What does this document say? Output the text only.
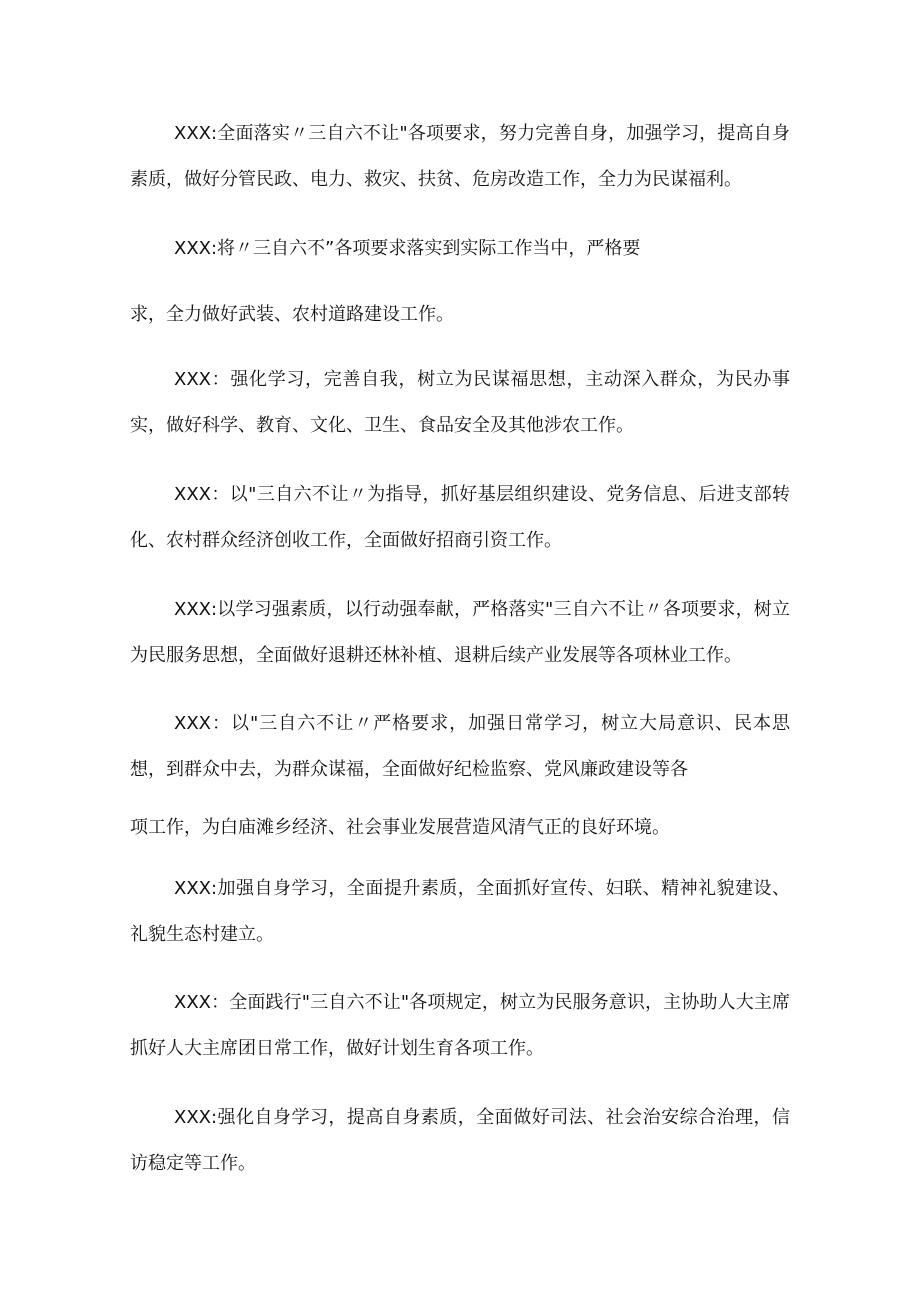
XXX:全面落实〃三自六不让"各项要求，努力完善自身，加强学习，提高自身素质，做好分管民政、电力、救灾、扶贫、危房改造工作，全力为民谋福利。

XXX:将〃三自六不”各项要求落实到实际工作当中，严格要

求，全力做好武装、农村道路建设工作。

XXX：强化学习，完善自我，树立为民谋福思想，主动深入群众，为民办事实，做好科学、教育、文化、卫生、食品安全及其他涉农工作。

XXX：以"三自六不让〃为指导，抓好基层组织建设、党务信息、后进支部转化、农村群众经济创收工作，全面做好招商引资工作。

XXX:以学习强素质，以行动强奉献，严格落实"三自六不让〃各项要求，树立为民服务思想，全面做好退耕还林补植、退耕后续产业发展等各项林业工作。

XXX：以"三自六不让〃严格要求，加强日常学习，树立大局意识、民本思想，到群众中去，为群众谋福，全面做好纪检监察、党风廉政建设等各

项工作，为白庙滩乡经济、社会事业发展营造风清气正的良好环境。

XXX:加强自身学习，全面提升素质，全面抓好宣传、妇联、精神礼貌建设、礼貌生态村建立。

XXX：全面践行"三自六不让"各项规定，树立为民服务意识，主协助人大主席抓好人大主席团日常工作，做好计划生育各项工作。

XXX:强化自身学习，提高自身素质，全面做好司法、社会治安综合治理，信访稳定等工作。
